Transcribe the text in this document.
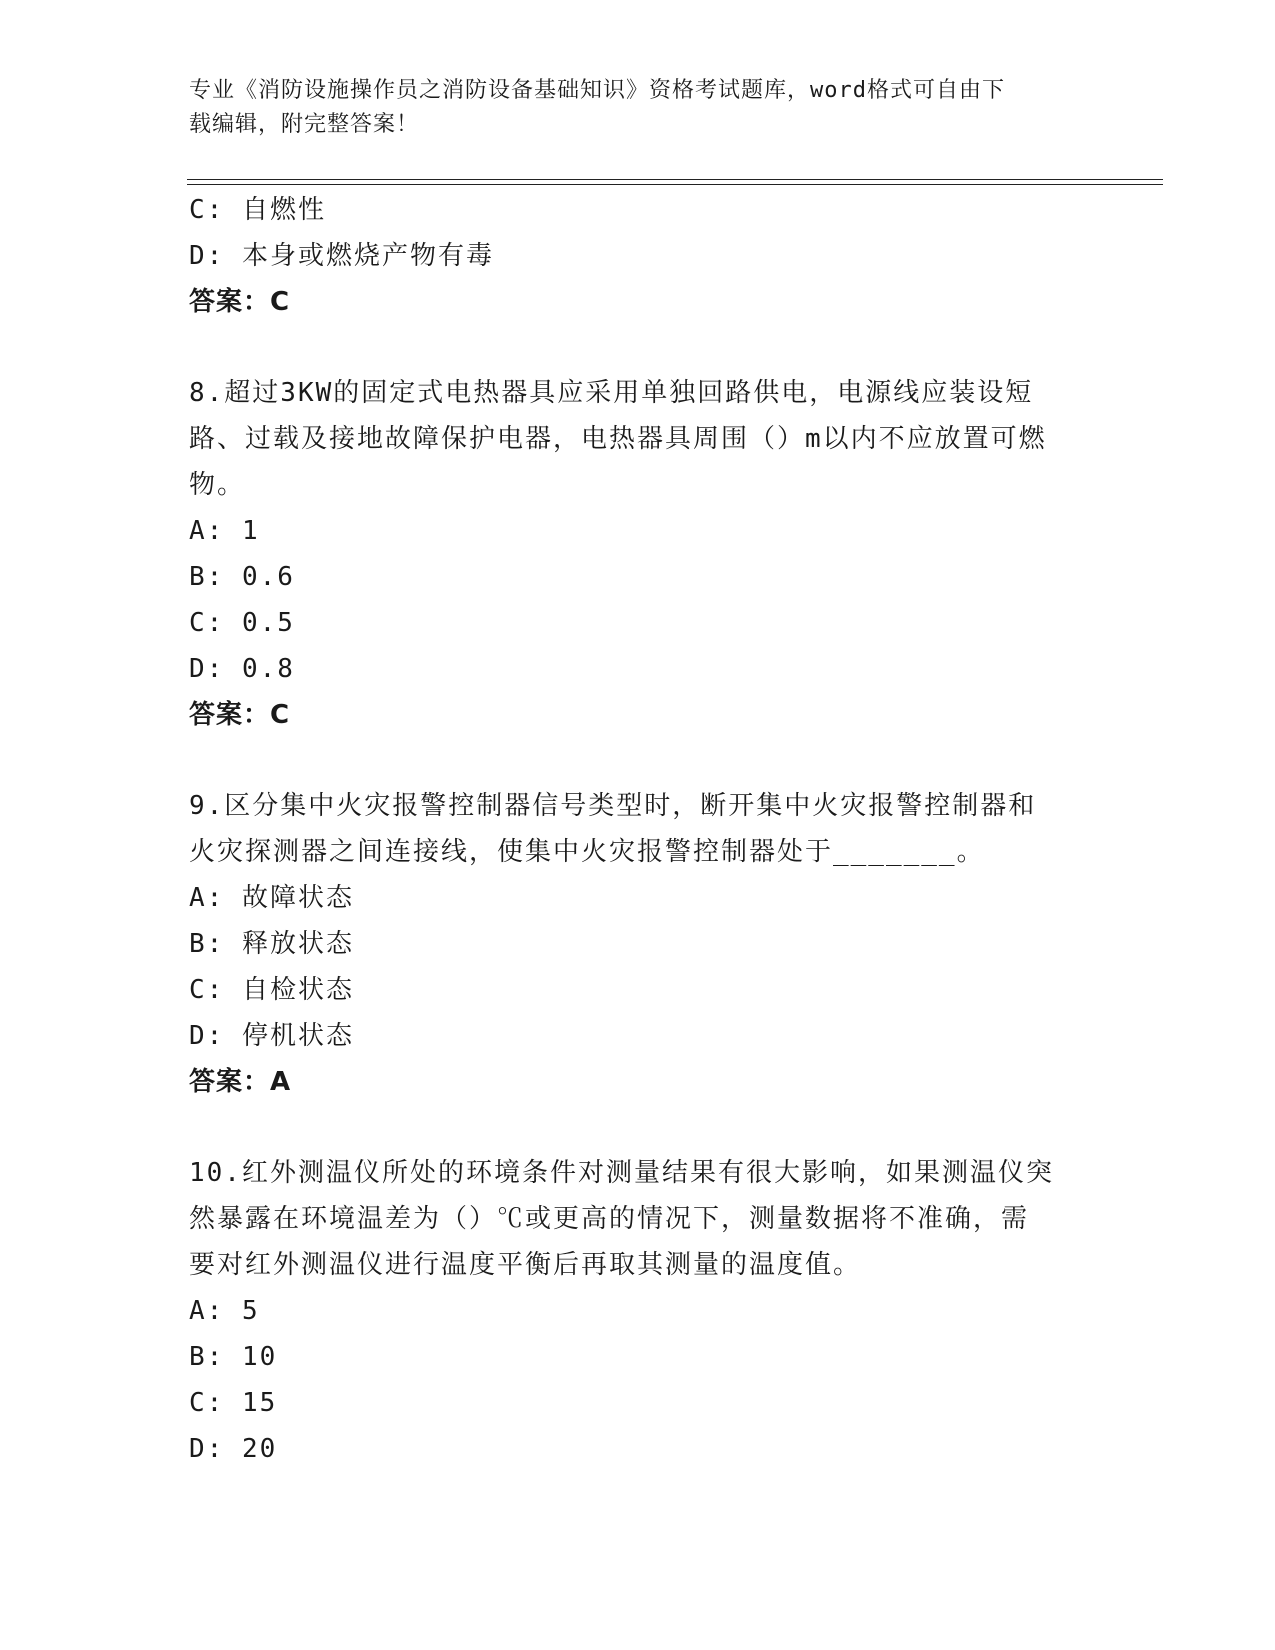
专业《消防设施操作员之消防设备基础知识》资格考试题库，word格式可自由下
载编辑，附完整答案！

C: 自燃性

D: 本身或燃烧产物有毒

答案：C

8.超过3KW的固定式电热器具应采用单独回路供电，电源线应装设短

路、过载及接地故障保护电器，电热器具周围（）m以内不应放置可燃

物。

A: 1

B: 0.6

C: 0.5

D: 0.8

答案：C

9.区分集中火灾报警控制器信号类型时，断开集中火灾报警控制器和

火灾探测器之间连接线，使集中火灾报警控制器处于_______。

A: 故障状态

B: 释放状态

C: 自检状态

D: 停机状态

答案：A

10.红外测温仪所处的环境条件对测量结果有很大影响，如果测温仪突

然暴露在环境温差为（）℃或更高的情况下，测量数据将不准确，需

要对红外测温仪进行温度平衡后再取其测量的温度值。

A: 5

B: 10

C: 15

D: 20
